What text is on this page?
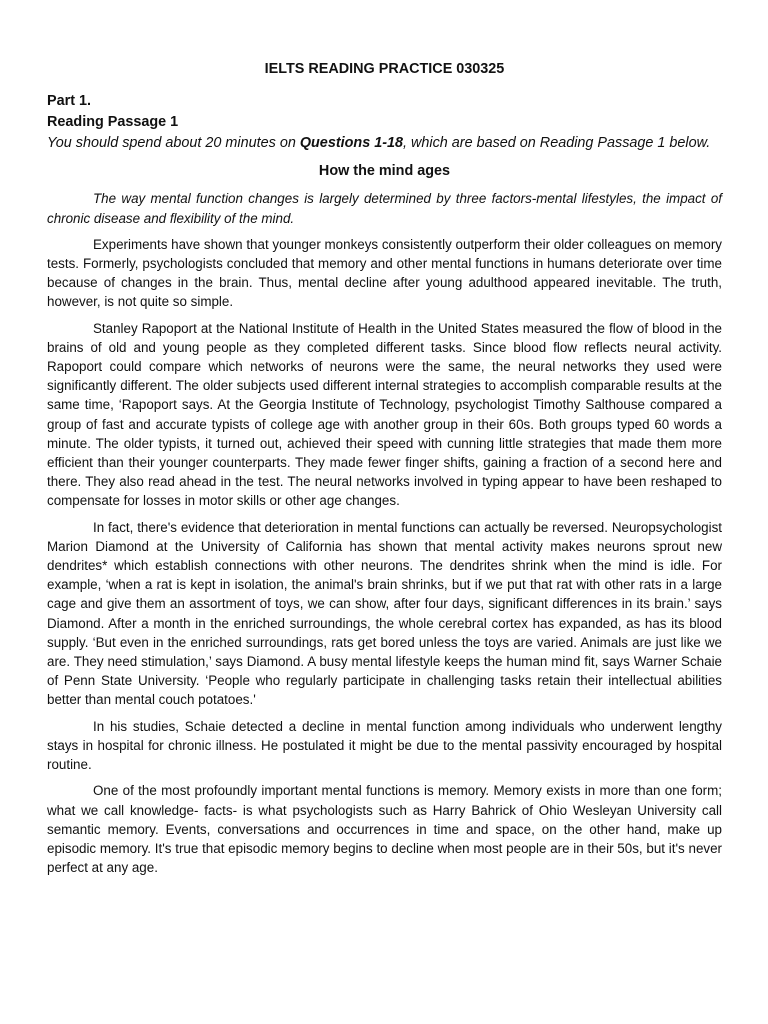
IELTS READING PRACTICE 030325
Part 1.
Reading Passage 1
You should spend about 20 minutes on Questions 1-18, which are based on Reading Passage 1 below.
How the mind ages

The way mental function changes is largely determined by three factors-mental lifestyles, the impact of chronic disease and flexibility of the mind.

Experiments have shown that younger monkeys consistently outperform their older colleagues on memory tests. Formerly, psychologists concluded that memory and other mental functions in humans deteriorate over time because of changes in the brain. Thus, mental decline after young adulthood appeared inevitable. The truth, however, is not quite so simple.

Stanley Rapoport at the National Institute of Health in the United States measured the flow of blood in the brains of old and young people as they completed different tasks. Since blood flow reflects neural activity. Rapoport could compare which networks of neurons were the same, the neural networks they used were significantly different. The older subjects used different internal strategies to accomplish comparable results at the same time, ‘Rapoport says. At the Georgia Institute of Technology, psychologist Timothy Salthouse compared a group of fast and accurate typists of college age with another group in their 60s. Both groups typed 60 words a minute. The older typists, it turned out, achieved their speed with cunning little strategies that made them more efficient than their younger counterparts. They made fewer finger shifts, gaining a fraction of a second here and there. They also read ahead in the test. The neural networks involved in typing appear to have been reshaped to compensate for losses in motor skills or other age changes.

In fact, there's evidence that deterioration in mental functions can actually be reversed. Neuropsychologist Marion Diamond at the University of California has shown that mental activity makes neurons sprout new dendrites* which establish connections with other neurons. The dendrites shrink when the mind is idle. For example, ‘when a rat is kept in isolation, the animal's brain shrinks, but if we put that rat with other rats in a large cage and give them an assortment of toys, we can show, after four days, significant differences in its brain.’ says Diamond. After a month in the enriched surroundings, the whole cerebral cortex has expanded, as has its blood supply. ‘But even in the enriched surroundings, rats get bored unless the toys are varied. Animals are just like we are. They need stimulation,’ says Diamond. A busy mental lifestyle keeps the human mind fit, says Warner Schaie of Penn State University. ‘People who regularly participate in challenging tasks retain their intellectual abilities better than mental couch potatoes.'

In his studies, Schaie detected a decline in mental function among individuals who underwent lengthy stays in hospital for chronic illness. He postulated it might be due to the mental passivity encouraged by hospital routine.

One of the most profoundly important mental functions is memory. Memory exists in more than one form; what we call knowledge- facts- is what psychologists such as Harry Bahrick of Ohio Wesleyan University call semantic memory. Events, conversations and occurrences in time and space, on the other hand, make up episodic memory. It's true that episodic memory begins to decline when most people are in their 50s, but it's never perfect at any age.
